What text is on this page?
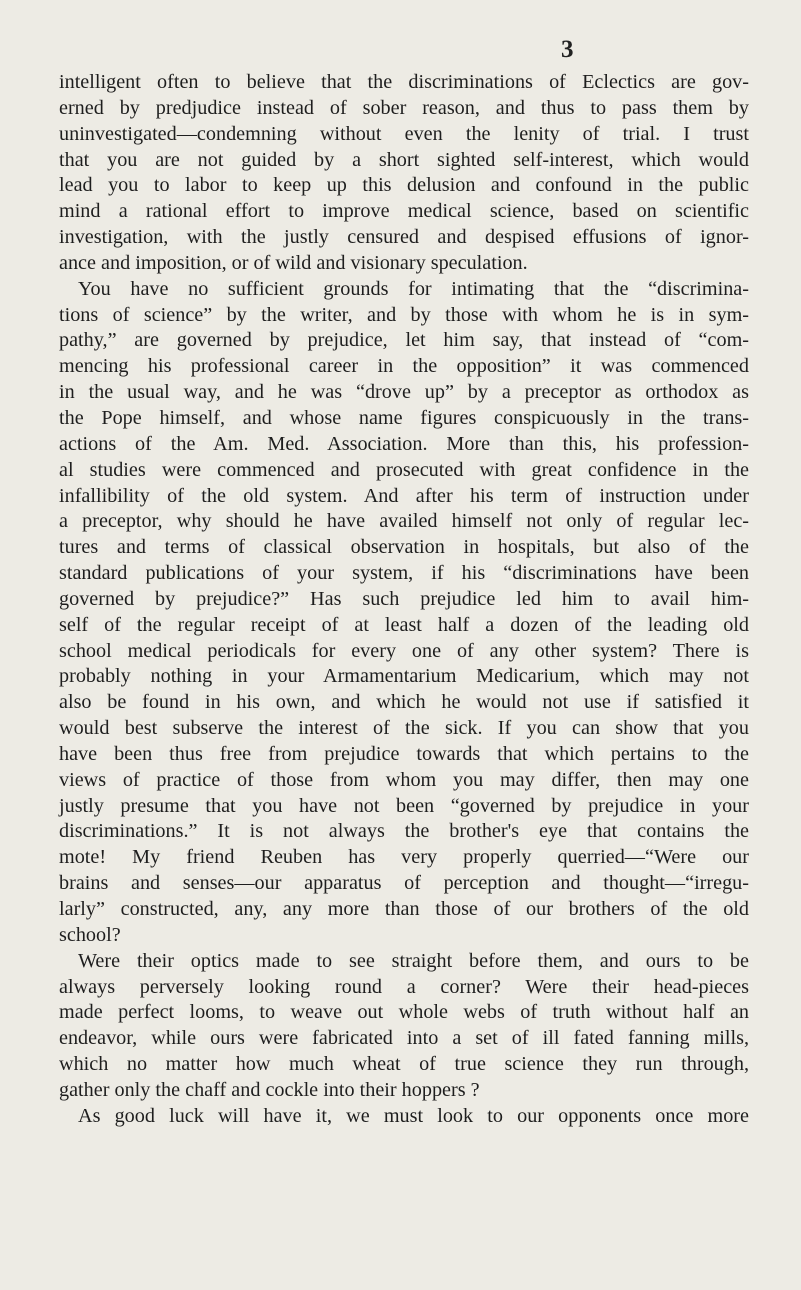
3
intelligent often to believe that the discriminations of Eclectics are gov-
erned by predjudice instead of sober reason, and thus to pass them by
uninvestigated—condemning without even the lenity of trial. I trust
that you are not guided by a short sighted self-interest, which would
lead you to labor to keep up this delusion and confound in the public
mind a rational effort to improve medical science, based on scientific
investigation, with the justly censured and despised effusions of ignor-
ance and imposition, or of wild and visionary speculation.
You have no sufficient grounds for intimating that the “discrimina-
tions of science” by the writer, and by those with whom he is in sym-
pathy,” are governed by prejudice, let him say, that instead of “com-
mencing his professional career in the opposition” it was commenced
in the usual way, and he was “drove up” by a preceptor as orthodox as
the Pope himself, and whose name figures conspicuously in the trans-
actions of the Am. Med. Association. More than this, his profession-
al studies were commenced and prosecuted with great confidence in the
infallibility of the old system. And after his term of instruction under
a preceptor, why should he have availed himself not only of regular lec-
tures and terms of classical observation in hospitals, but also of the
standard publications of your system, if his “discriminations have been
governed by prejudice?” Has such prejudice led him to avail him-
self of the regular receipt of at least half a dozen of the leading old
school medical periodicals for every one of any other system? There is
probably nothing in your Armamentarium Medicarium, which may not
also be found in his own, and which he would not use if satisfied it
would best subserve the interest of the sick. If you can show that you
have been thus free from prejudice towards that which pertains to the
views of practice of those from whom you may differ, then may one
justly presume that you have not been “governed by prejudice in your
discriminations.” It is not always the brother's eye that contains the
mote! My friend Reuben has very properly querried—“Were our
brains and senses—our apparatus of perception and thought—“irregu-
larly” constructed, any, any more than those of our brothers of the old
school?
Were their optics made to see straight before them, and ours to be
always perversely looking round a corner? Were their head-pieces
made perfect looms, to weave out whole webs of truth without half an
endeavor, while ours were fabricated into a set of ill fated fanning mills,
which no matter how much wheat of true science they run through,
gather only the chaff and cockle into their hoppers ?
As good luck will have it, we must look to our opponents once more
